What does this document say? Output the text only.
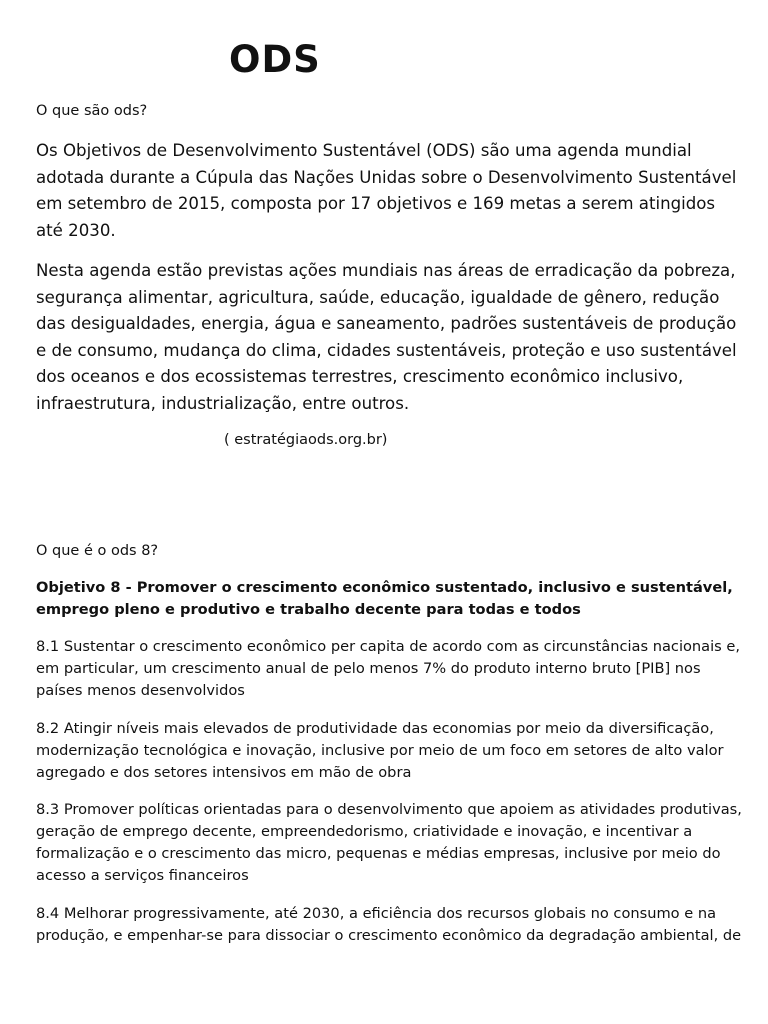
ODS

O que são ods?

Os Objetivos de Desenvolvimento Sustentável (ODS) são uma agenda mundial adotada durante a Cúpula das Nações Unidas sobre o Desenvolvimento Sustentável em setembro de 2015, composta por 17 objetivos e 169 metas a serem atingidos até 2030.

Nesta agenda estão previstas ações mundiais nas áreas de erradicação da pobreza, segurança alimentar, agricultura, saúde, educação, igualdade de gênero, redução das desigualdades, energia, água e saneamento, padrões sustentáveis de produção e de consumo, mudança do clima, cidades sustentáveis, proteção e uso sustentável dos oceanos e dos ecossistemas terrestres, crescimento econômico inclusivo, infraestrutura, industrialização, entre outros.

( estratégiaods.org.br)

O que é o ods 8?

Objetivo 8 - Promover o crescimento econômico sustentado, inclusivo e sustentável, emprego pleno e produtivo e trabalho decente para todas e todos

8.1 Sustentar o crescimento econômico per capita de acordo com as circunstâncias nacionais e, em particular, um crescimento anual de pelo menos 7% do produto interno bruto [PIB] nos países menos desenvolvidos

8.2 Atingir níveis mais elevados de produtividade das economias por meio da diversificação, modernização tecnológica e inovação, inclusive por meio de um foco em setores de alto valor agregado e dos setores intensivos em mão de obra

8.3 Promover políticas orientadas para o desenvolvimento que apoiem as atividades produtivas, geração de emprego decente, empreendedorismo, criatividade e inovação, e incentivar a formalização e o crescimento das micro, pequenas e médias empresas, inclusive por meio do acesso a serviços financeiros

8.4 Melhorar progressivamente, até 2030, a eficiência dos recursos globais no consumo e na produção, e empenhar-se para dissociar o crescimento econômico da degradação ambiental, de
